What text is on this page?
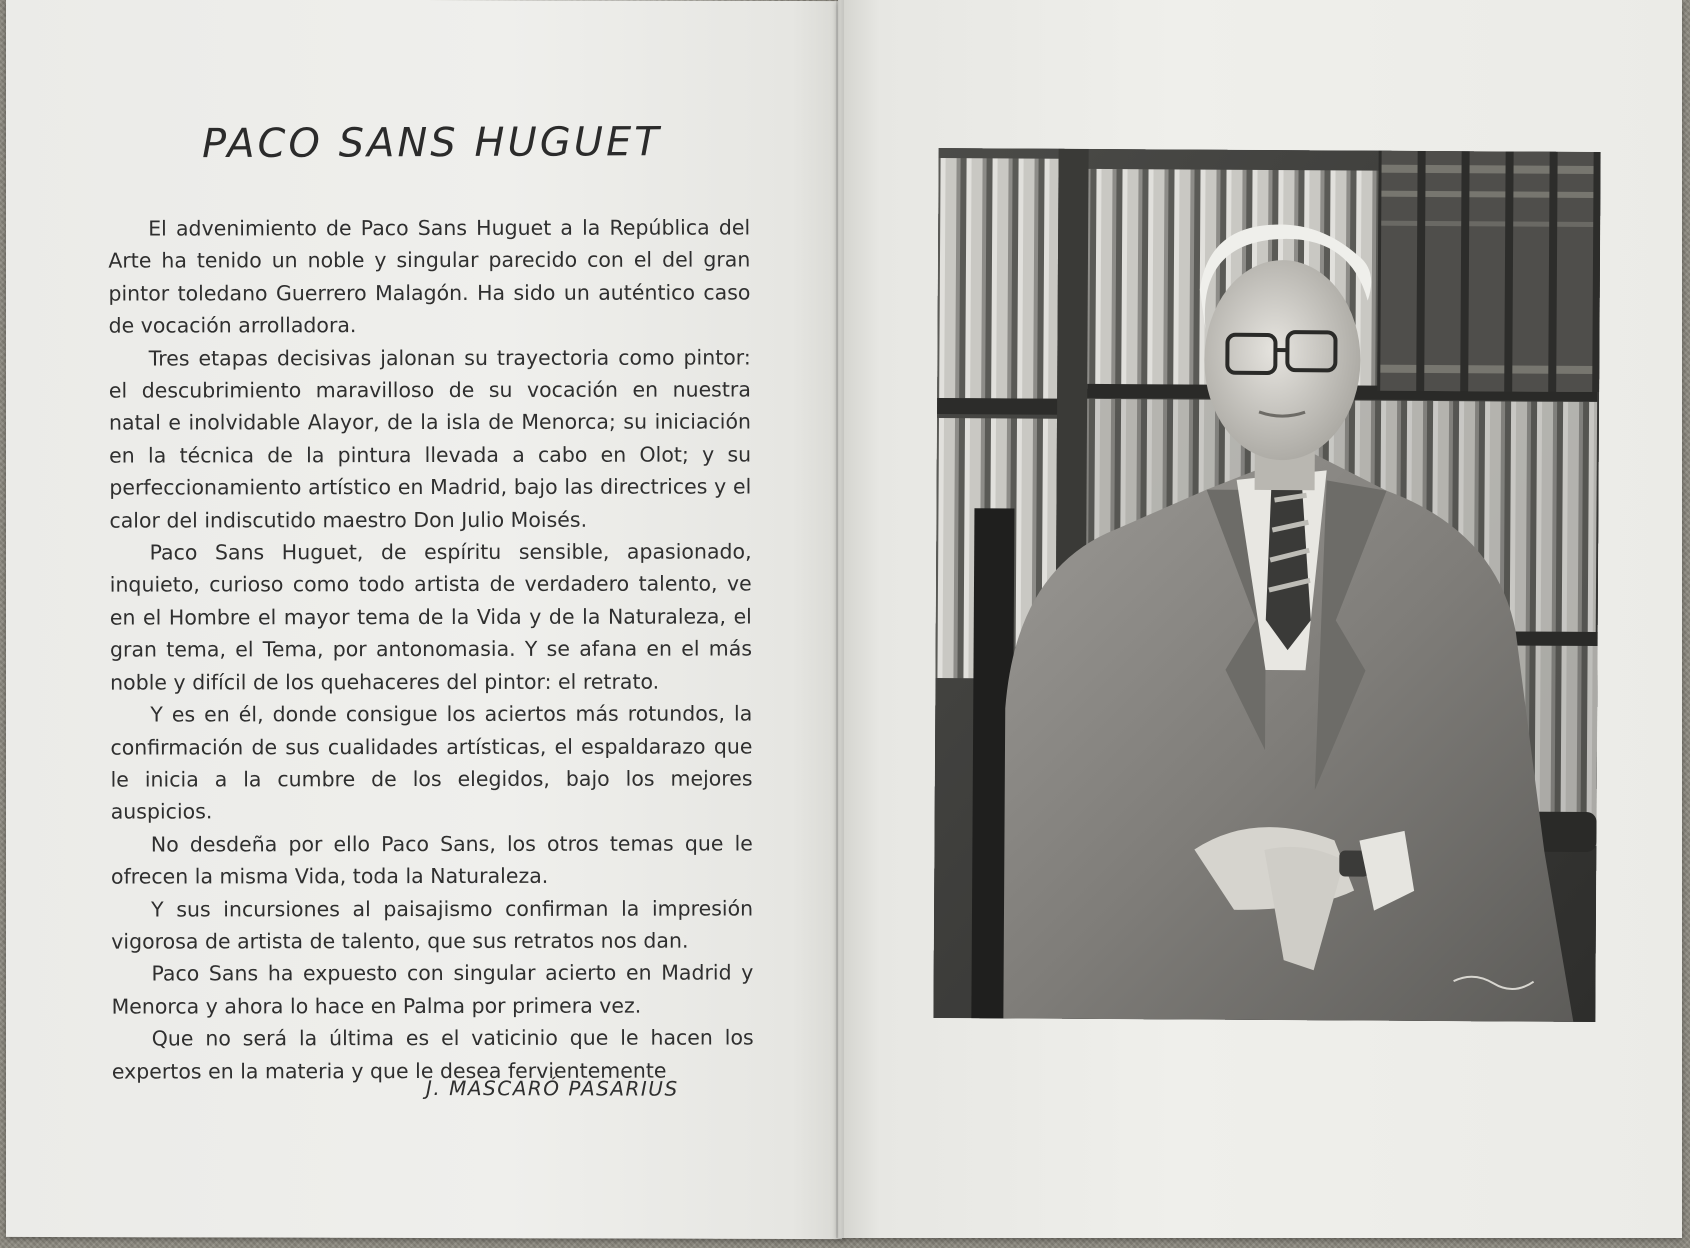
PACO SANS HUGUET

El advenimiento de Paco Sans Huguet a la República del Arte ha tenido un noble y singular parecido con el del gran pintor toledano Guerrero Malagón. Ha sido un auténtico caso de vocación arrolladora.

Tres etapas decisivas jalonan su trayectoria como pintor: el descubrimiento maravilloso de su vocación en nuestra natal e inolvidable Alayor, de la isla de Menorca; su iniciación en la técnica de la pintura llevada a cabo en Olot; y su perfeccionamiento artístico en Madrid, bajo las directrices y el calor del indiscutido maestro Don Julio Moisés.

Paco Sans Huguet, de espíritu sensible, apasionado, inquieto, curioso como todo artista de verdadero talento, ve en el Hombre el mayor tema de la Vida y de la Naturaleza, el gran tema, el Tema, por antonomasia. Y se afana en el más noble y difícil de los quehaceres del pintor: el retrato.

Y es en él, donde consigue los aciertos más rotundos, la confirmación de sus cualidades artísticas, el espaldarazo que le inicia a la cumbre de los elegidos, bajo los mejores auspicios.

No desdeña por ello Paco Sans, los otros temas que le ofrecen la misma Vida, toda la Naturaleza.

Y sus incursiones al paisajismo confirman la impresión vigorosa de artista de talento, que sus retratos nos dan.

Paco Sans ha expuesto con singular acierto en Madrid y Menorca y ahora lo hace en Palma por primera vez.

Que no será la última es el vaticinio que le hacen los expertos en la materia y que le desea fervientemente

J. MASCARÓ PASARIUS
